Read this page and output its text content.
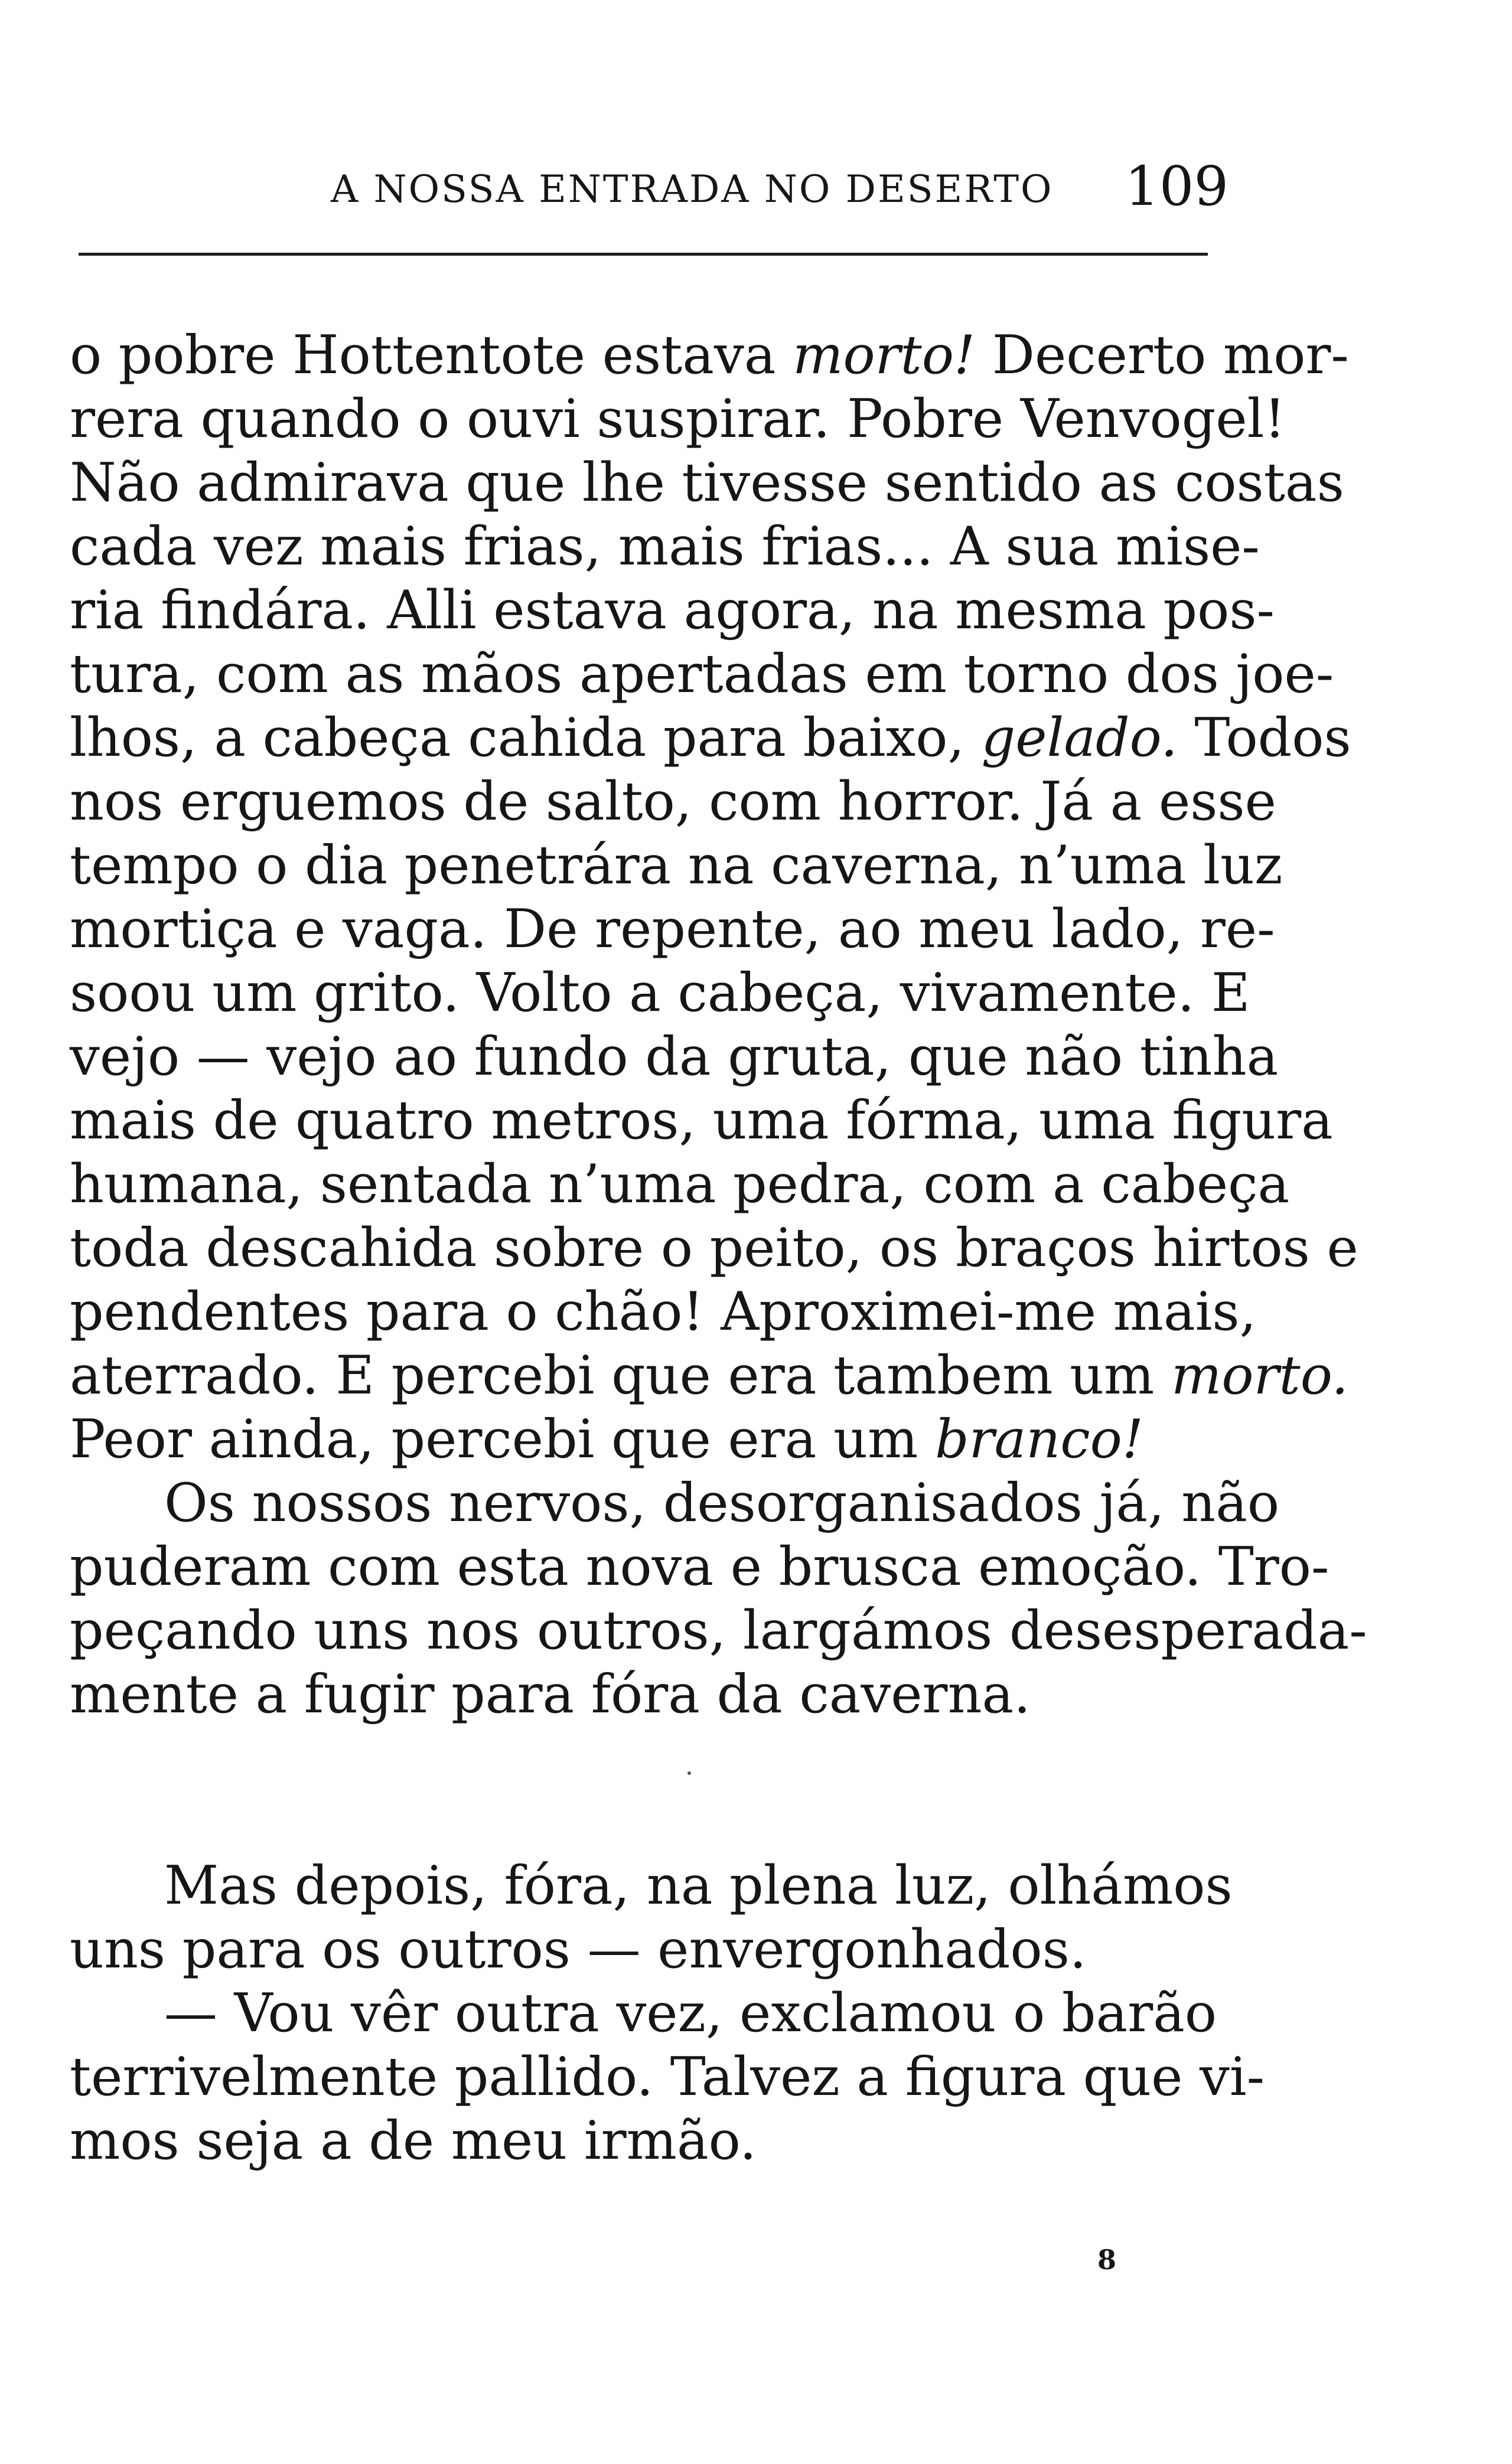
A NOSSA ENTRADA NO DESERTO 109
o pobre Hottentote estava morto! Decerto mor-
rera quando o ouvi suspirar. Pobre Venvogel!
Não admirava que lhe tivesse sentido as costas
cada vez mais frias, mais frias... A sua mise-
ria findára. Alli estava agora, na mesma pos-
tura, com as mãos apertadas em torno dos joe-
lhos, a cabeça cahida para baixo, gelado. Todos
nos erguemos de salto, com horror. Já a esse
tempo o dia penetrára na caverna, n’uma luz
mortiça e vaga. De repente, ao meu lado, re-
soou um grito. Volto a cabeça, vivamente. E
vejo — vejo ao fundo da gruta, que não tinha
mais de quatro metros, uma fórma, uma figura
humana, sentada n’uma pedra, com a cabeça
toda descahida sobre o peito, os braços hirtos e
pendentes para o chão! Aproximei-me mais,
aterrado. E percebi que era tambem um morto.
Peor ainda, percebi que era um branco!
Os nossos nervos, desorganisados já, não
puderam com esta nova e brusca emoção. Tro-
peçando uns nos outros, largámos desesperada-
mente a fugir para fóra da caverna.
Mas depois, fóra, na plena luz, olhámos
uns para os outros — envergonhados.
— Vou vêr outra vez, exclamou o barão
terrivelmente pallido. Talvez a figura que vi-
mos seja a de meu irmão.
8
